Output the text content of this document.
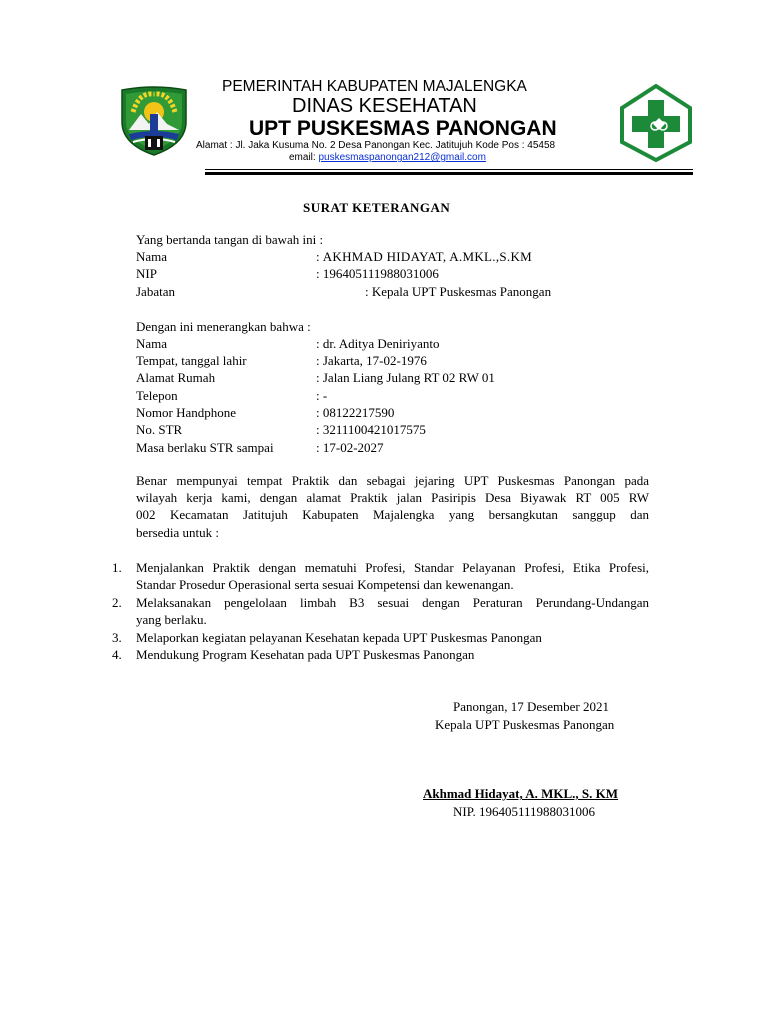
PEMERINTAH KABUPATEN MAJALENGKA
DINAS KESEHATAN
UPT PUSKESMAS PANONGAN
Alamat : Jl. Jaka Kusuma No. 2 Desa Panongan Kec. Jatitujuh Kode Pos : 45458
email: puskesmaspanongan212@gmail.com
SURAT KETERANGAN
Yang bertanda tangan di bawah ini :
Nama	: AKHMAD HIDAYAT, A.MKL.,S.KM
NIP	: 196405111988031006
Jabatan	: Kepala UPT Puskesmas Panongan
Dengan ini menerangkan bahwa :
Nama	: dr. Aditya Deniriyanto
Tempat, tanggal lahir	: Jakarta, 17-02-1976
Alamat Rumah	: Jalan Liang Julang RT 02 RW 01
Telepon	: -
Nomor Handphone	: 08122217590
No. STR	: 3211100421017575
Masa berlaku STR sampai	: 17-02-2027
Benar mempunyai tempat Praktik dan sebagai jejaring UPT Puskesmas Panongan pada
wilayah kerja kami, dengan alamat Praktik jalan Pasiripis Desa Biyawak RT 005 RW
002 Kecamatan Jatitujuh Kabupaten Majalengka yang bersangkutan sanggup dan
bersedia untuk :
1. Menjalankan Praktik dengan mematuhi Profesi, Standar Pelayanan Profesi, Etika Profesi,
Standar Prosedur Operasional serta sesuai Kompetensi dan kewenangan.
2. Melaksanakan pengelolaan limbah B3 sesuai dengan Peraturan Perundang-Undangan
yang berlaku.
3. Melaporkan kegiatan pelayanan Kesehatan kepada UPT Puskesmas Panongan
4. Mendukung Program Kesehatan pada UPT Puskesmas Panongan
Panongan, 17 Desember 2021
Kepala UPT Puskesmas Panongan
Akhmad Hidayat, A. MKL., S. KM
NIP. 196405111988031006
